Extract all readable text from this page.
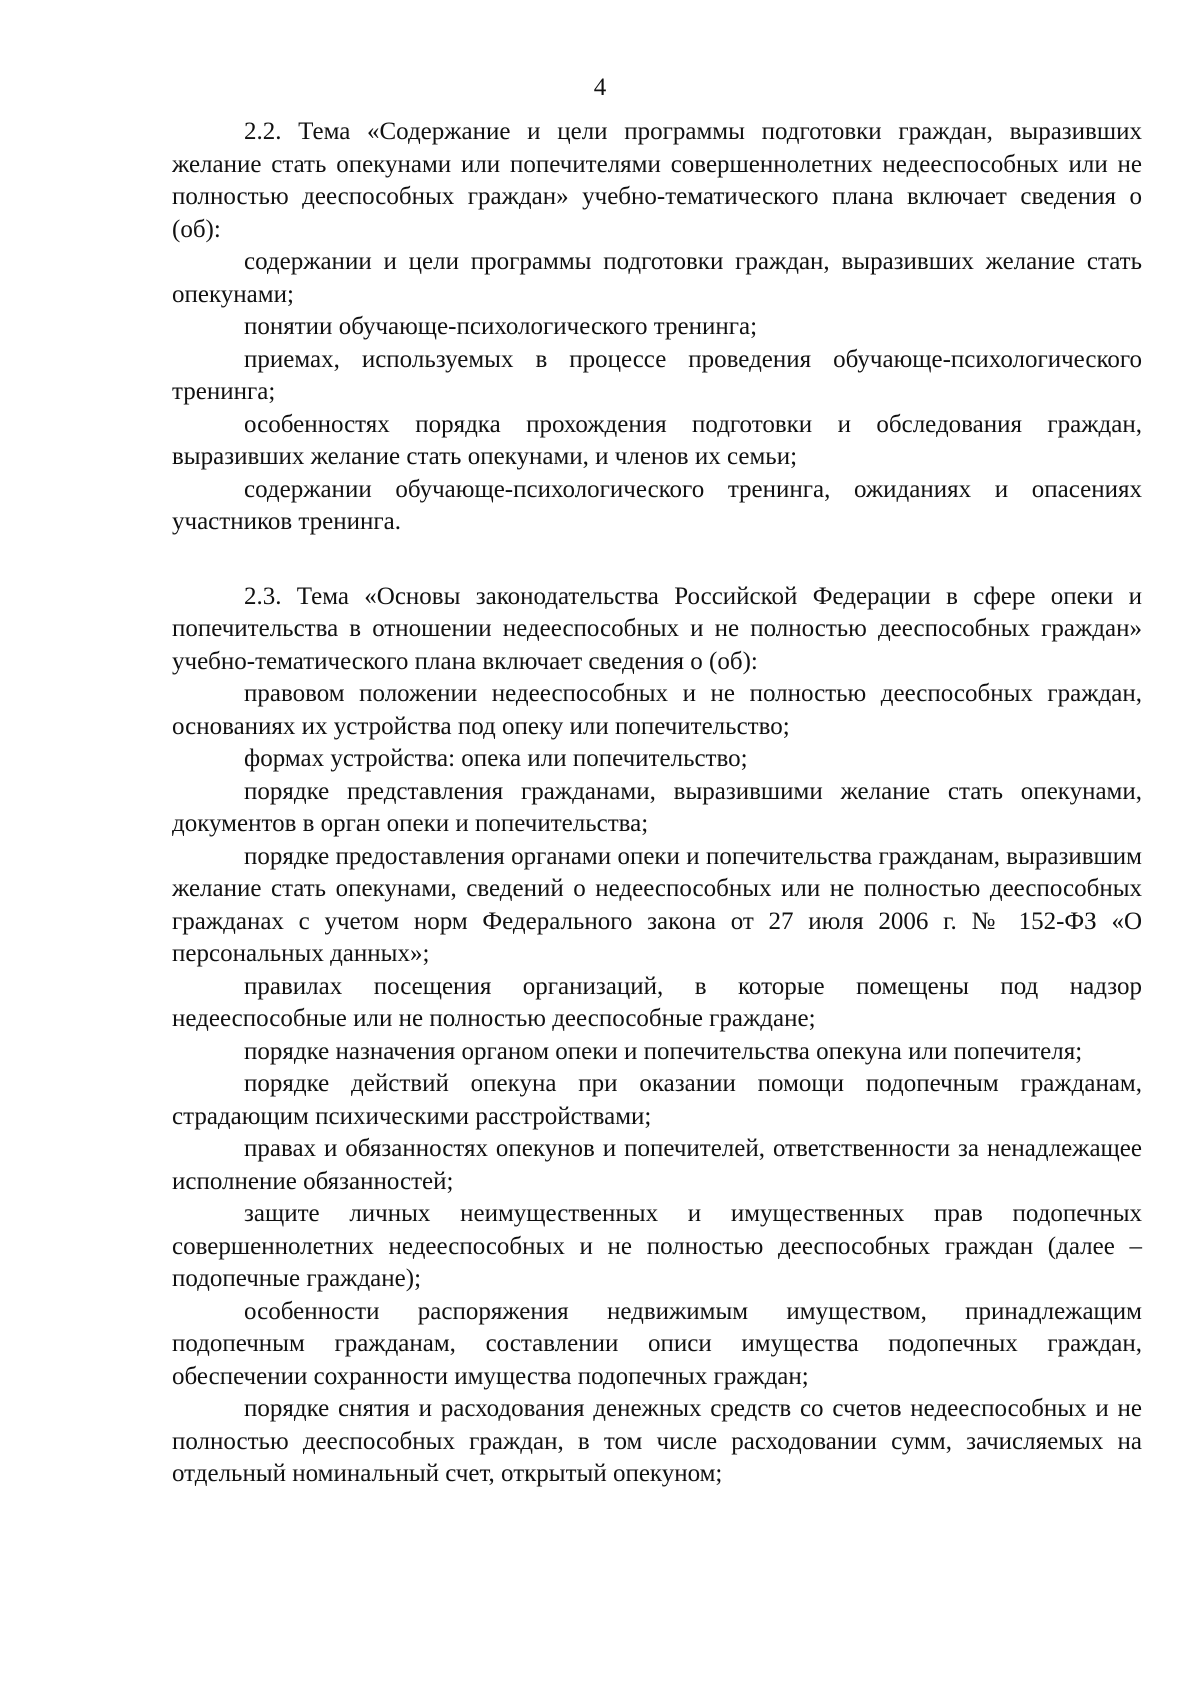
4

2.2. Тема «Содержание и цели программы подготовки граждан, выразивших желание стать опекунами или попечителями совершеннолетних недееспособных или не полностью дееспособных граждан» учебно-тематического плана включает сведения о (об):

содержании и цели программы подготовки граждан, выразивших желание стать опекунами;

понятии обучающе-психологического тренинга;

приемах, используемых в процессе проведения обучающе-психологического тренинга;

особенностях порядка прохождения подготовки и обследования граждан, выразивших желание стать опекунами, и членов их семьи;

содержании обучающе-психологического тренинга, ожиданиях и опасениях участников тренинга.

2.3. Тема «Основы законодательства Российской Федерации в сфере опеки и попечительства в отношении недееспособных и не полностью дееспособных граждан» учебно-тематического плана включает сведения о (об):

правовом положении недееспособных и не полностью дееспособных граждан, основаниях их устройства под опеку или попечительство;

формах устройства: опека или попечительство;

порядке представления гражданами, выразившими желание стать опекунами, документов в орган опеки и попечительства;

порядке предоставления органами опеки и попечительства гражданам, выразившим желание стать опекунами, сведений о недееспособных или не полностью дееспособных гражданах с учетом норм Федерального закона от 27 июля 2006 г. № 152-ФЗ «О персональных данных»;

правилах посещения организаций, в которые помещены под надзор недееспособные или не полностью дееспособные граждане;

порядке назначения органом опеки и попечительства опекуна или попечителя;

порядке действий опекуна при оказании помощи подопечным гражданам, страдающим психическими расстройствами;

правах и обязанностях опекунов и попечителей, ответственности за ненадлежащее исполнение обязанностей;

защите личных неимущественных и имущественных прав подопечных совершеннолетних недееспособных и не полностью дееспособных граждан (далее – подопечные граждане);

особенности распоряжения недвижимым имуществом, принадлежащим подопечным гражданам, составлении описи имущества подопечных граждан, обеспечении сохранности имущества подопечных граждан;

порядке снятия и расходования денежных средств со счетов недееспособных и не полностью дееспособных граждан, в том числе расходовании сумм, зачисляемых на отдельный номинальный счет, открытый опекуном;
